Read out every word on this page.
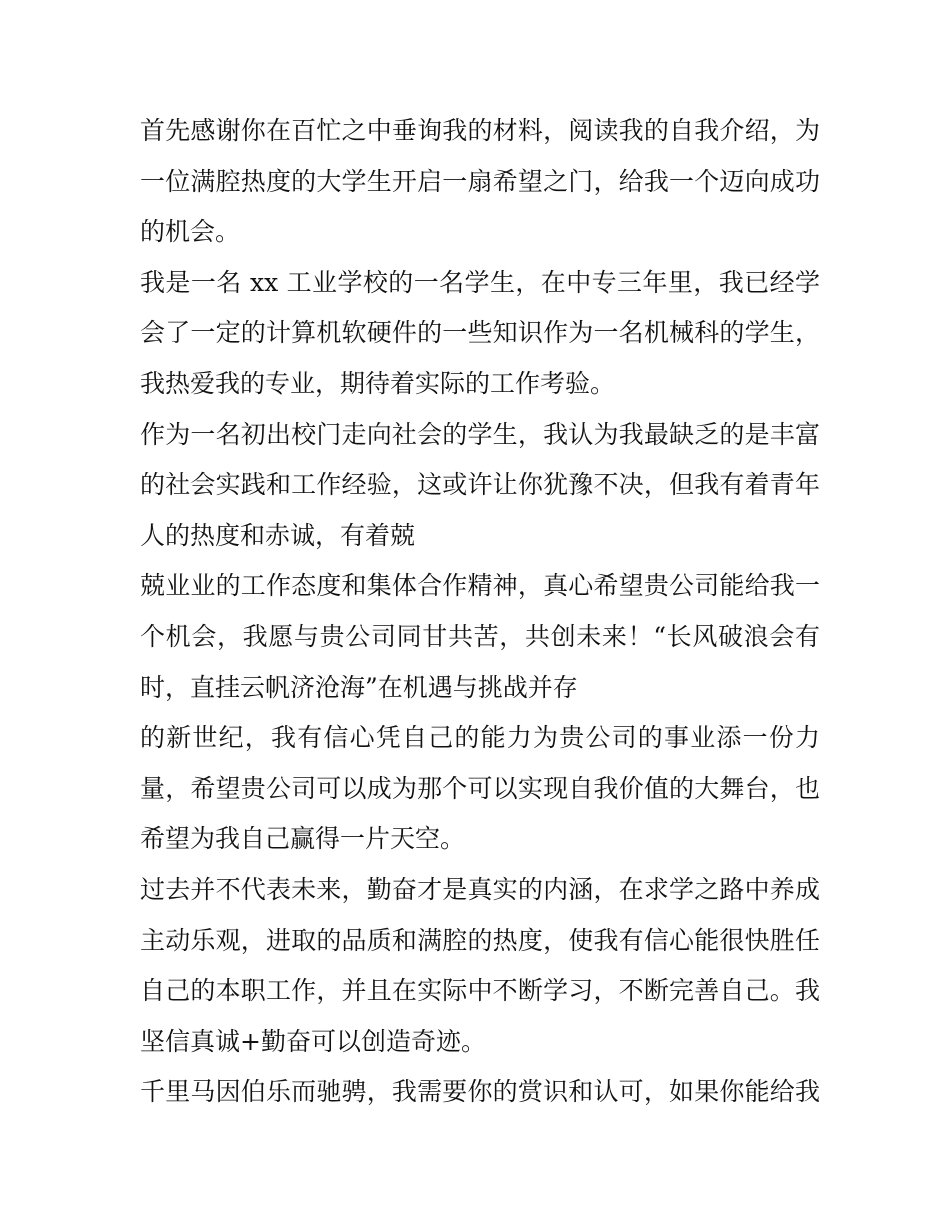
首先感谢你在百忙之中垂询我的材料，阅读我的自我介绍，为
一位满腔热度的大学生开启一扇希望之门，给我一个迈向成功
的机会。
我是一名 xx 工业学校的一名学生，在中专三年里，我已经学
会了一定的计算机软硬件的一些知识作为一名机械科的学生，
我热爱我的专业，期待着实际的工作考验。
作为一名初出校门走向社会的学生，我认为我最缺乏的是丰富
的社会实践和工作经验，这或许让你犹豫不决，但我有着青年
人的热度和赤诚，有着兢
兢业业的工作态度和集体合作精神，真心希望贵公司能给我一
个机会，我愿与贵公司同甘共苦，共创未来！“长风破浪会有
时，直挂云帆济沧海”在机遇与挑战并存
的新世纪，我有信心凭自己的能力为贵公司的事业添一份力
量，希望贵公司可以成为那个可以实现自我价值的大舞台，也
希望为我自己赢得一片天空。
过去并不代表未来，勤奋才是真实的内涵，在求学之路中养成
主动乐观，进取的品质和满腔的热度，使我有信心能很快胜任
自己的本职工作，并且在实际中不断学习，不断完善自己。我
坚信真诚+勤奋可以创造奇迹。
千里马因伯乐而驰骋，我需要你的赏识和认可，如果你能给我
